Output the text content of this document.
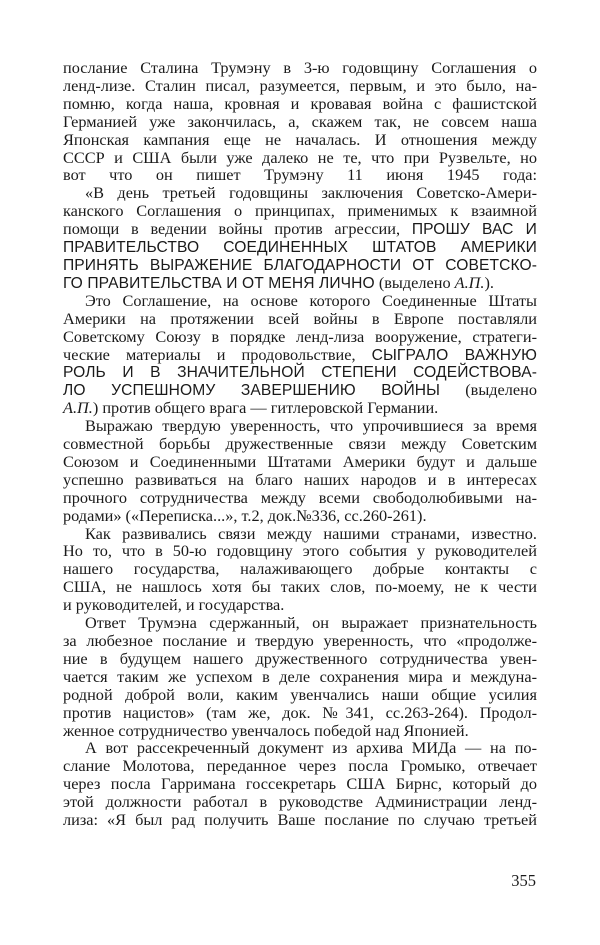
послание Сталина Трумэну в 3-ю годовщину Соглашения о
ленд-лизе. Сталин писал, разумеется, первым, и это было, на-
помню, когда наша, кровная и кровавая война с фашистской
Германией уже закончилась, а, скажем так, не совсем наша
Японская кампания еще не началась. И отношения между
СССР и США были уже далеко не те, что при Рузвельте, но
вот что он пишет Трумэну 11 июня 1945 года:
«В день третьей годовщины заключения Советско-Амери-
канского Соглашения о принципах, применимых к взаимной
помощи в ведении войны против агрессии, ПРОШУ ВАС И
ПРАВИТЕЛЬСТВО СОЕДИНЕННЫХ ШТАТОВ АМЕРИКИ
ПРИНЯТЬ ВЫРАЖЕНИЕ БЛАГОДАРНОСТИ ОТ СОВЕТСКО-
ГО ПРАВИТЕЛЬСТВА И ОТ МЕНЯ ЛИЧНО (выделено А.П.).
Это Соглашение, на основе которого Соединенные Штаты
Америки на протяжении всей войны в Европе поставляли
Советскому Союзу в порядке ленд-лиза вооружение, стратеги-
ческие материалы и продовольствие, СЫГРАЛО ВАЖНУЮ
РОЛЬ И В ЗНАЧИТЕЛЬНОЙ СТЕПЕНИ СОДЕЙСТВОВА-
ЛО УСПЕШНОМУ ЗАВЕРШЕНИЮ ВОЙНЫ (выделено
А.П.) против общего врага — гитлеровской Германии.
Выражаю твердую уверенность, что упрочившиеся за время
совместной борьбы дружественные связи между Советским
Союзом и Соединенными Штатами Америки будут и дальше
успешно развиваться на благо наших народов и в интересах
прочного сотрудничества между всеми свободолюбивыми на-
родами» («Переписка...», т.2, док.№336, сс.260-261).
Как развивались связи между нашими странами, известно.
Но то, что в 50-ю годовщину этого события у руководителей
нашего государства, налаживающего добрые контакты с
США, не нашлось хотя бы таких слов, по-моему, не к чести
и руководителей, и государства.
Ответ Трумэна сдержанный, он выражает признательность
за любезное послание и твердую уверенность, что «продолже-
ние в будущем нашего дружественного сотрудничества увен-
чается таким же успехом в деле сохранения мира и междуна-
родной доброй воли, каким увенчались наши общие усилия
против нацистов» (там же, док. №341, сс.263-264). Продол-
женное сотрудничество увенчалось победой над Японией.
А вот рассекреченный документ из архива МИДа — на по-
слание Молотова, переданное через посла Громыко, отвечает
через посла Гарримана госсекретарь США Бирнс, который до
этой должности работал в руководстве Администрации ленд-
лиза: «Я был рад получить Ваше послание по случаю третьей
355
